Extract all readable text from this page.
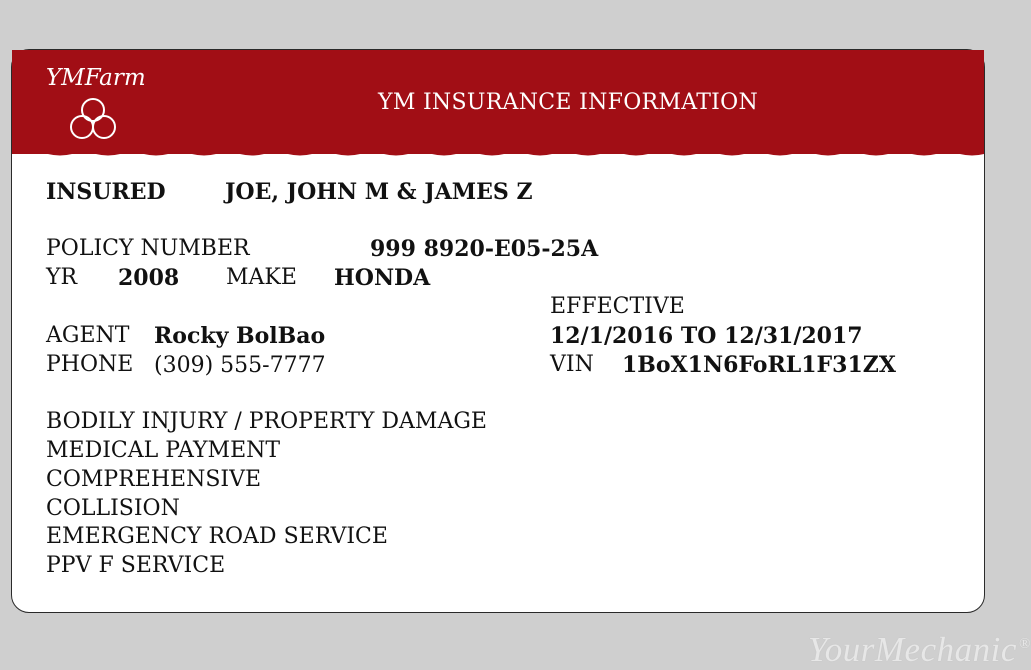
YMFarm
YM INSURANCE INFORMATION
INSURED	JOE, JOHN M & JAMES Z
POLICY NUMBER	999 8920-E05-25A
YR 2008 MAKE HONDA
EFFECTIVE
12/1/2016 TO 12/31/2017
AGENT Rocky BolBao
PHONE (309) 555-7777	VIN 1BoX1N6FoRL1F31ZX
BODILY INJURY / PROPERTY DAMAGE
MEDICAL PAYMENT
COMPREHENSIVE
COLLISION
EMERGENCY ROAD SERVICE
PPV F SERVICE
YourMechanic ®
